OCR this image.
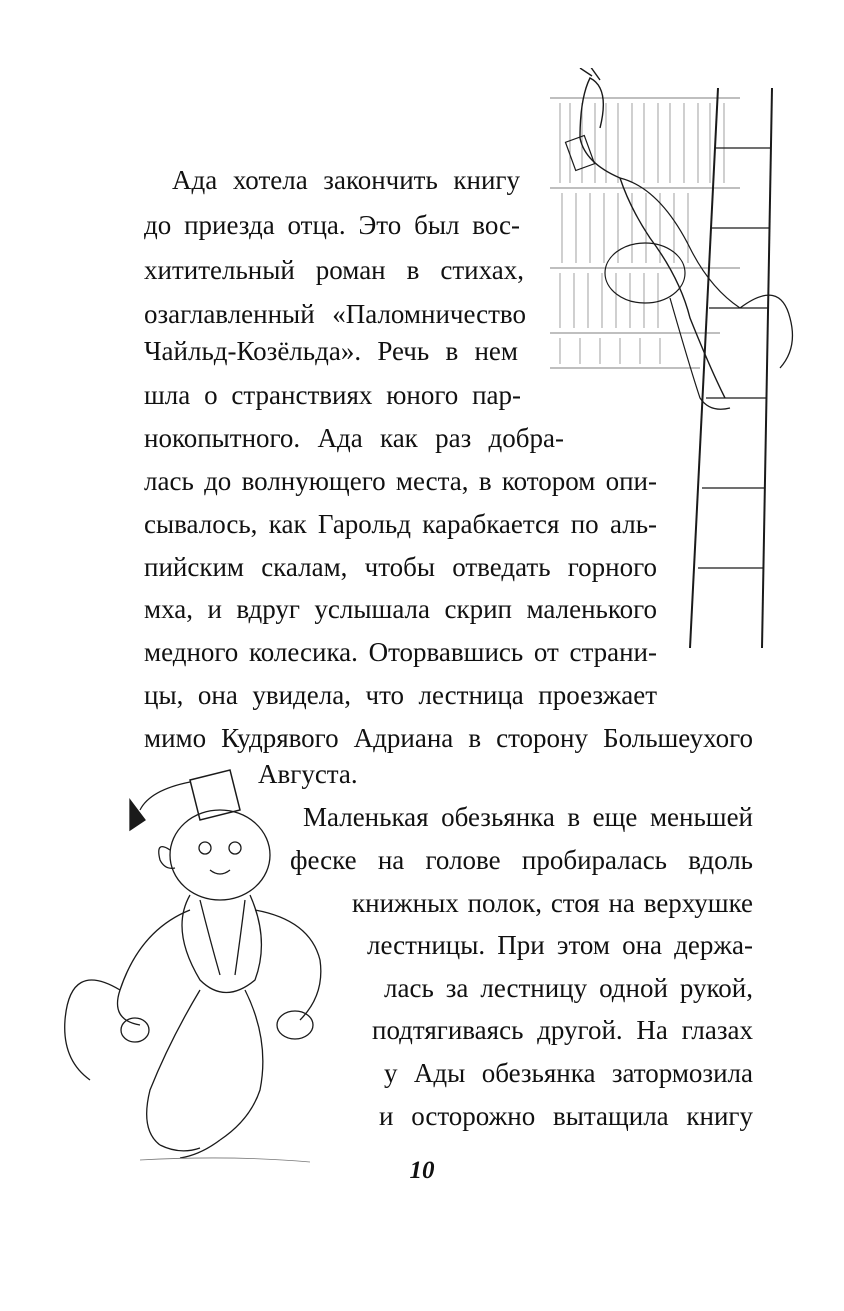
Ада хотела закончить книгу
до приезда отца. Это был вос-
хитительный роман в стихах,
озаглавленный «Паломничество
Чайльд-Козёльда». Речь в нем
шла о странствиях юного пар-
нокопытного. Ада как раз добра-
лась до волнующего места, в котором опи-
сывалось, как Гарольд карабкается по аль-
пийским скалам, чтобы отведать горного
мха, и вдруг услышала скрип маленького
медного колесика. Оторвавшись от страни-
цы, она увидела, что лестница проезжает
мимо Кудрявого Адриана в сторону Большеухого
Августа.
Маленькая обезьянка в еще меньшей
феске на голове пробиралась вдоль
книжных полок, стоя на верхушке
лестницы. При этом она держа-
лась за лестницу одной рукой,
подтягиваясь другой. На глазах
у Ады обезьянка затормозила
и осторожно вытащила книгу
10
